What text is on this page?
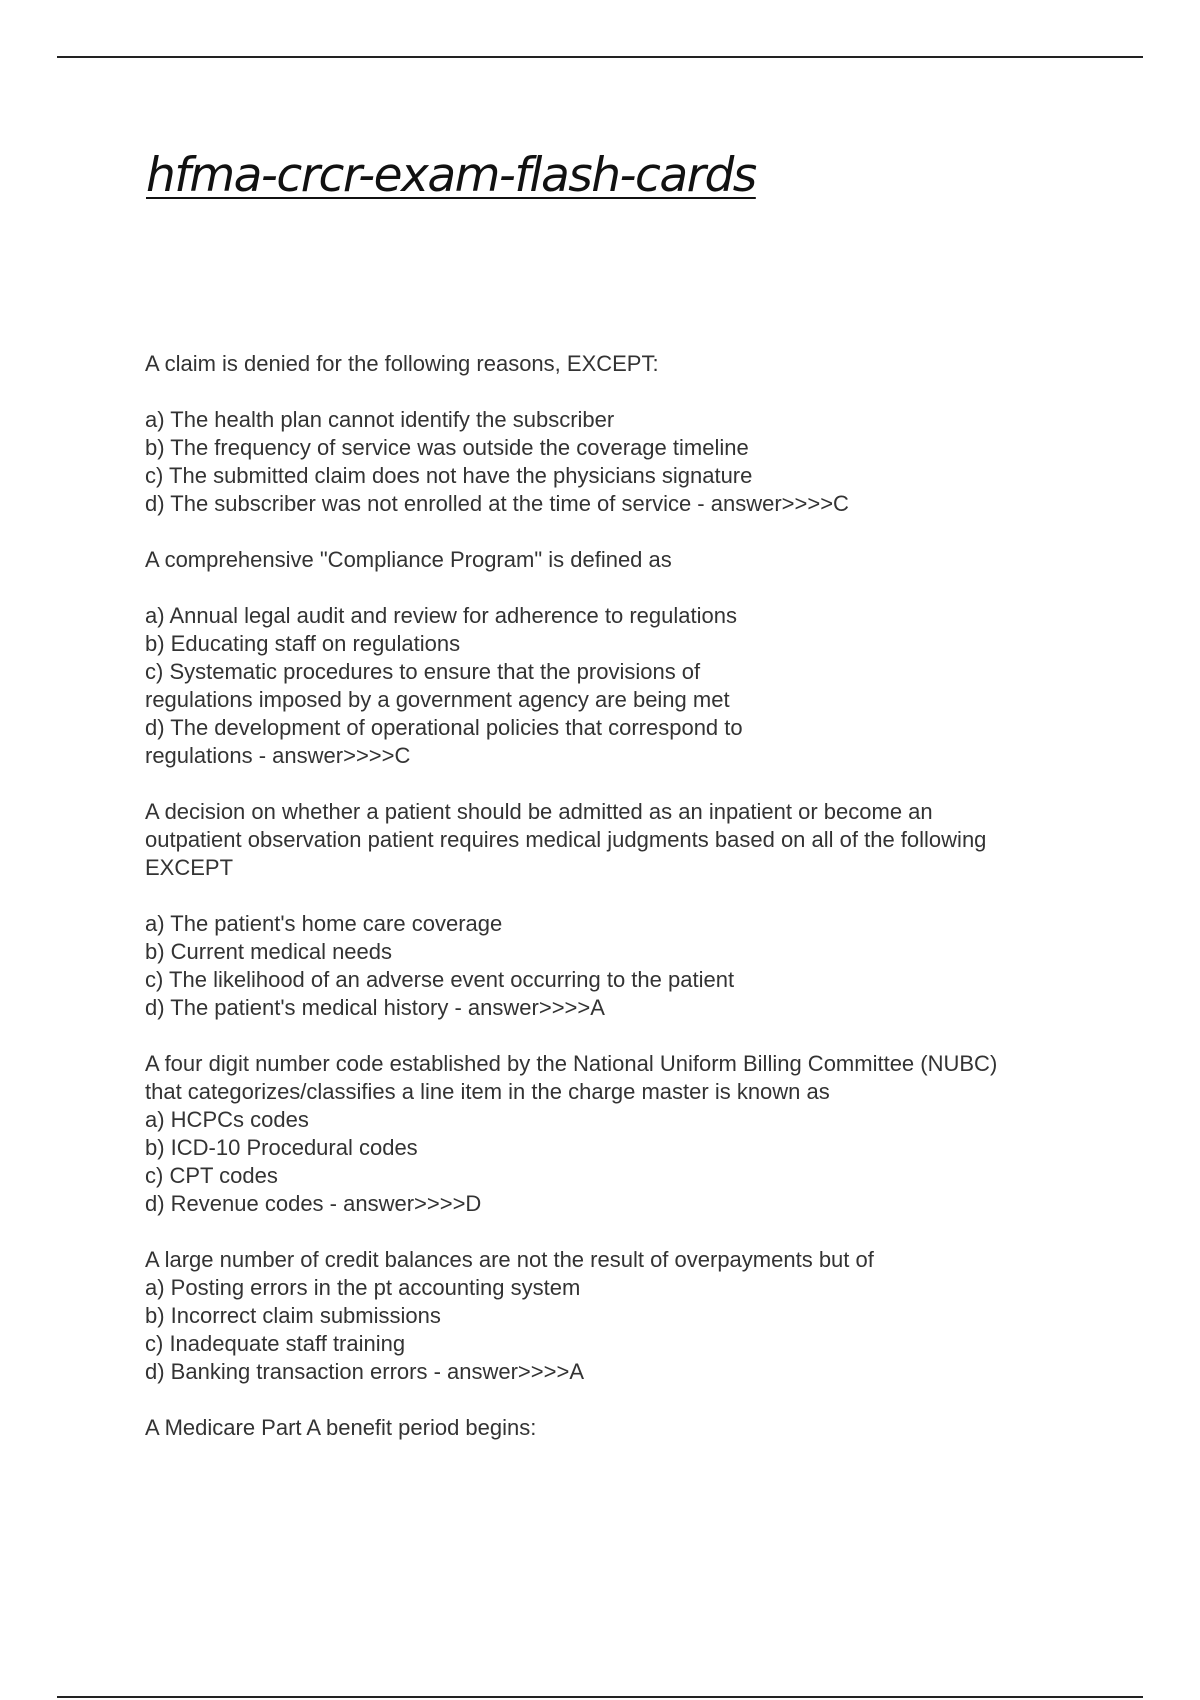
hfma-crcr-exam-flash-cards

A claim is denied for the following reasons, EXCEPT:

a) The health plan cannot identify the subscriber
b) The frequency of service was outside the coverage timeline
c) The submitted claim does not have the physicians signature
d) The subscriber was not enrolled at the time of service - answer>>>>C

A comprehensive "Compliance Program" is defined as

a) Annual legal audit and review for adherence to regulations
b) Educating staff on regulations
c) Systematic procedures to ensure that the provisions of
regulations imposed by a government agency are being met
d) The development of operational policies that correspond to
regulations - answer>>>>C
A decision on whether a patient should be admitted as an inpatient or become an
outpatient observation patient requires medical judgments based on all of the following
EXCEPT
a) The patient's home care coverage
b) Current medical needs
c) The likelihood of an adverse event occurring to the patient
d) The patient's medical history - answer>>>>A
A four digit number code established by the National Uniform Billing Committee (NUBC)
that categorizes/classifies a line item in the charge master is known as
a) HCPCs codes
b) ICD-10 Procedural codes
c) CPT codes
d) Revenue codes - answer>>>>D

A large number of credit balances are not the result of overpayments but of

a) Posting errors in the pt accounting system
b) Incorrect claim submissions
c) Inadequate staff training
d) Banking transaction errors - answer>>>>A

A Medicare Part A benefit period begins:
